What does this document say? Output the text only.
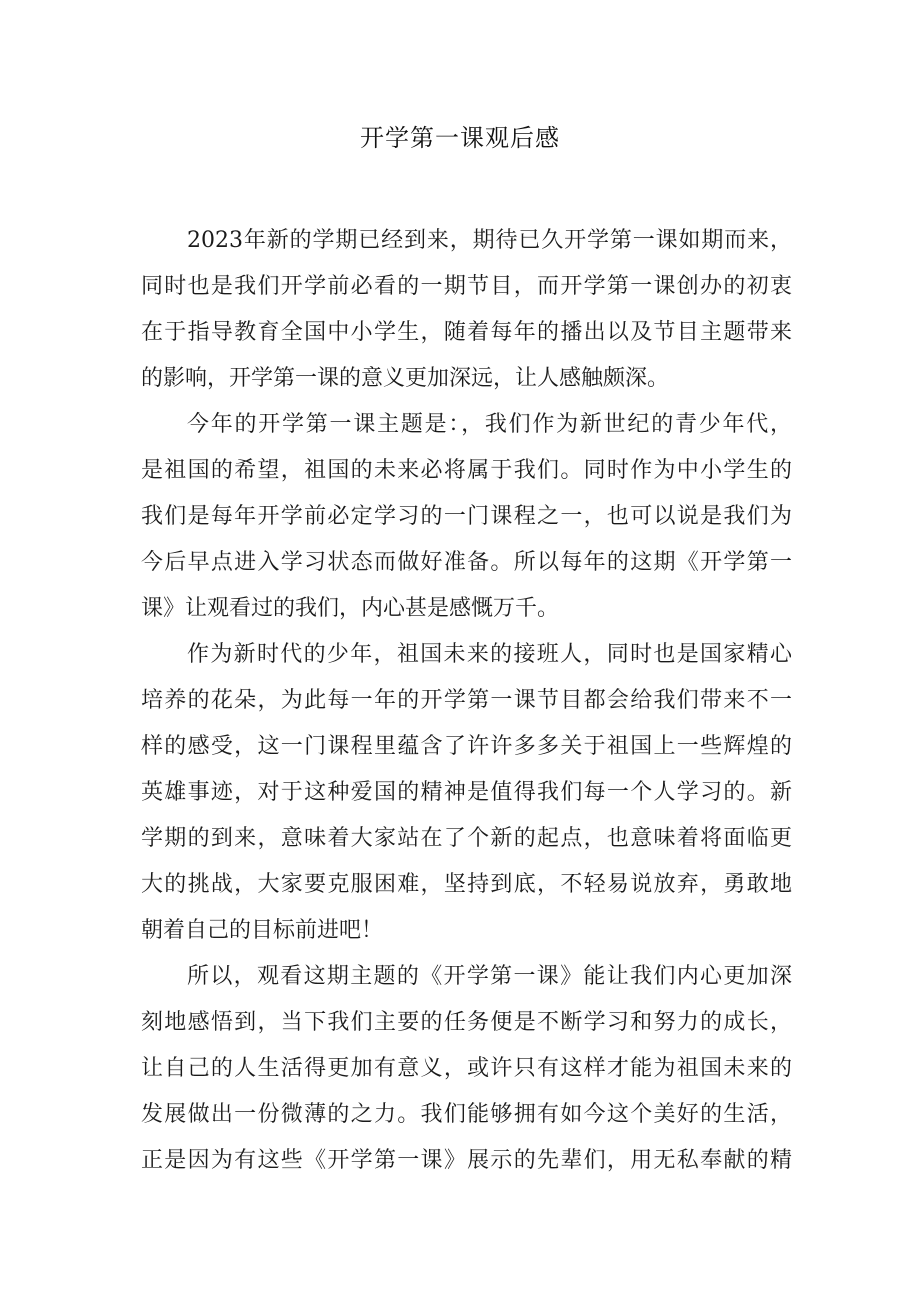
开学第一课观后感
2023年新的学期已经到来，期待已久开学第一课如期而来，
同时也是我们开学前必看的一期节目，而开学第一课创办的初衷
在于指导教育全国中小学生，随着每年的播出以及节目主题带来
的影响，开学第一课的意义更加深远，让人感触颇深。
今年的开学第一课主题是：，我们作为新世纪的青少年代，
是祖国的希望，祖国的未来必将属于我们。同时作为中小学生的
我们是每年开学前必定学习的一门课程之一，也可以说是我们为
今后早点进入学习状态而做好准备。所以每年的这期《开学第一
课》让观看过的我们，内心甚是感慨万千。
作为新时代的少年，祖国未来的接班人，同时也是国家精心
培养的花朵，为此每一年的开学第一课节目都会给我们带来不一
样的感受，这一门课程里蕴含了许许多多关于祖国上一些辉煌的
英雄事迹，对于这种爱国的精神是值得我们每一个人学习的。新
学期的到来，意味着大家站在了个新的起点，也意味着将面临更
大的挑战，大家要克服困难，坚持到底，不轻易说放弃，勇敢地
朝着自己的目标前进吧！
所以，观看这期主题的《开学第一课》能让我们内心更加深
刻地感悟到，当下我们主要的任务便是不断学习和努力的成长，
让自己的人生活得更加有意义，或许只有这样才能为祖国未来的
发展做出一份微薄的之力。我们能够拥有如今这个美好的生活，
正是因为有这些《开学第一课》展示的先辈们，用无私奉献的精
